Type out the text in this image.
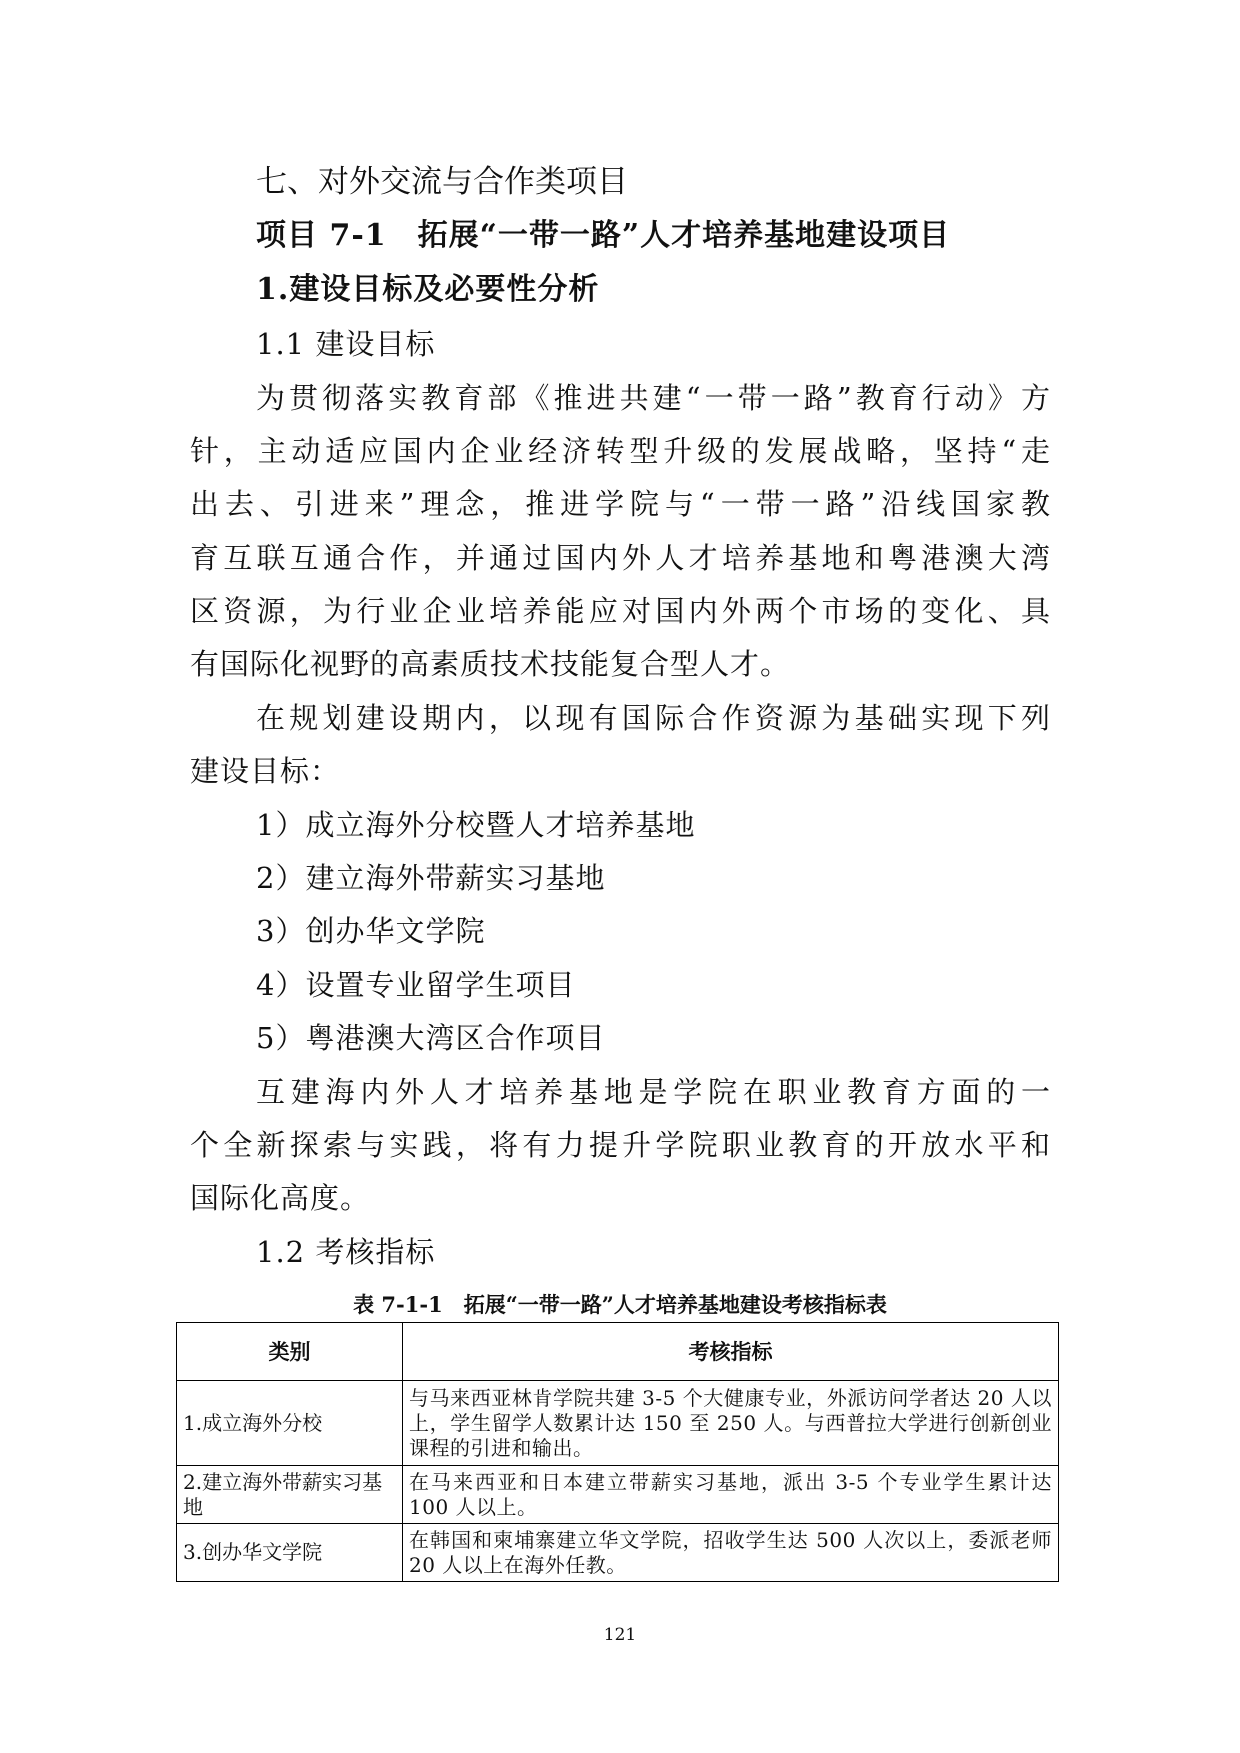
七、对外交流与合作类项目
项目 7-1　拓展“一带一路”人才培养基地建设项目
1.建设目标及必要性分析
1.1 建设目标
为贯彻落实教育部《推进共建“一带一路”教育行动》方
针，主动适应国内企业经济转型升级的发展战略，坚持“走
出去、引进来”理念，推进学院与“一带一路”沿线国家教
育互联互通合作，并通过国内外人才培养基地和粤港澳大湾
区资源，为行业企业培养能应对国内外两个市场的变化、具
有国际化视野的高素质技术技能复合型人才。
在规划建设期内，以现有国际合作资源为基础实现下列
建设目标：
1）成立海外分校暨人才培养基地
2）建立海外带薪实习基地
3）创办华文学院
4）设置专业留学生项目
5）粤港澳大湾区合作项目
互建海内外人才培养基地是学院在职业教育方面的一
个全新探索与实践，将有力提升学院职业教育的开放水平和
国际化高度。
1.2 考核指标
表 7-1-1　拓展“一带一路”人才培养基地建设考核指标表
类别	考核指标
1.成立海外分校	与马来西亚林肯学院共建 3-5 个大健康专业，外派访问学者达 20 人以上，学生留学人数累计达 150 至 250 人。与西普拉大学进行创新创业课程的引进和输出。
2.建立海外带薪实习基地	在马来西亚和日本建立带薪实习基地，派出 3-5 个专业学生累计达 100 人以上。
3.创办华文学院	在韩国和柬埔寨建立华文学院，招收学生达 500 人次以上，委派老师 20 人以上在海外任教。
121
